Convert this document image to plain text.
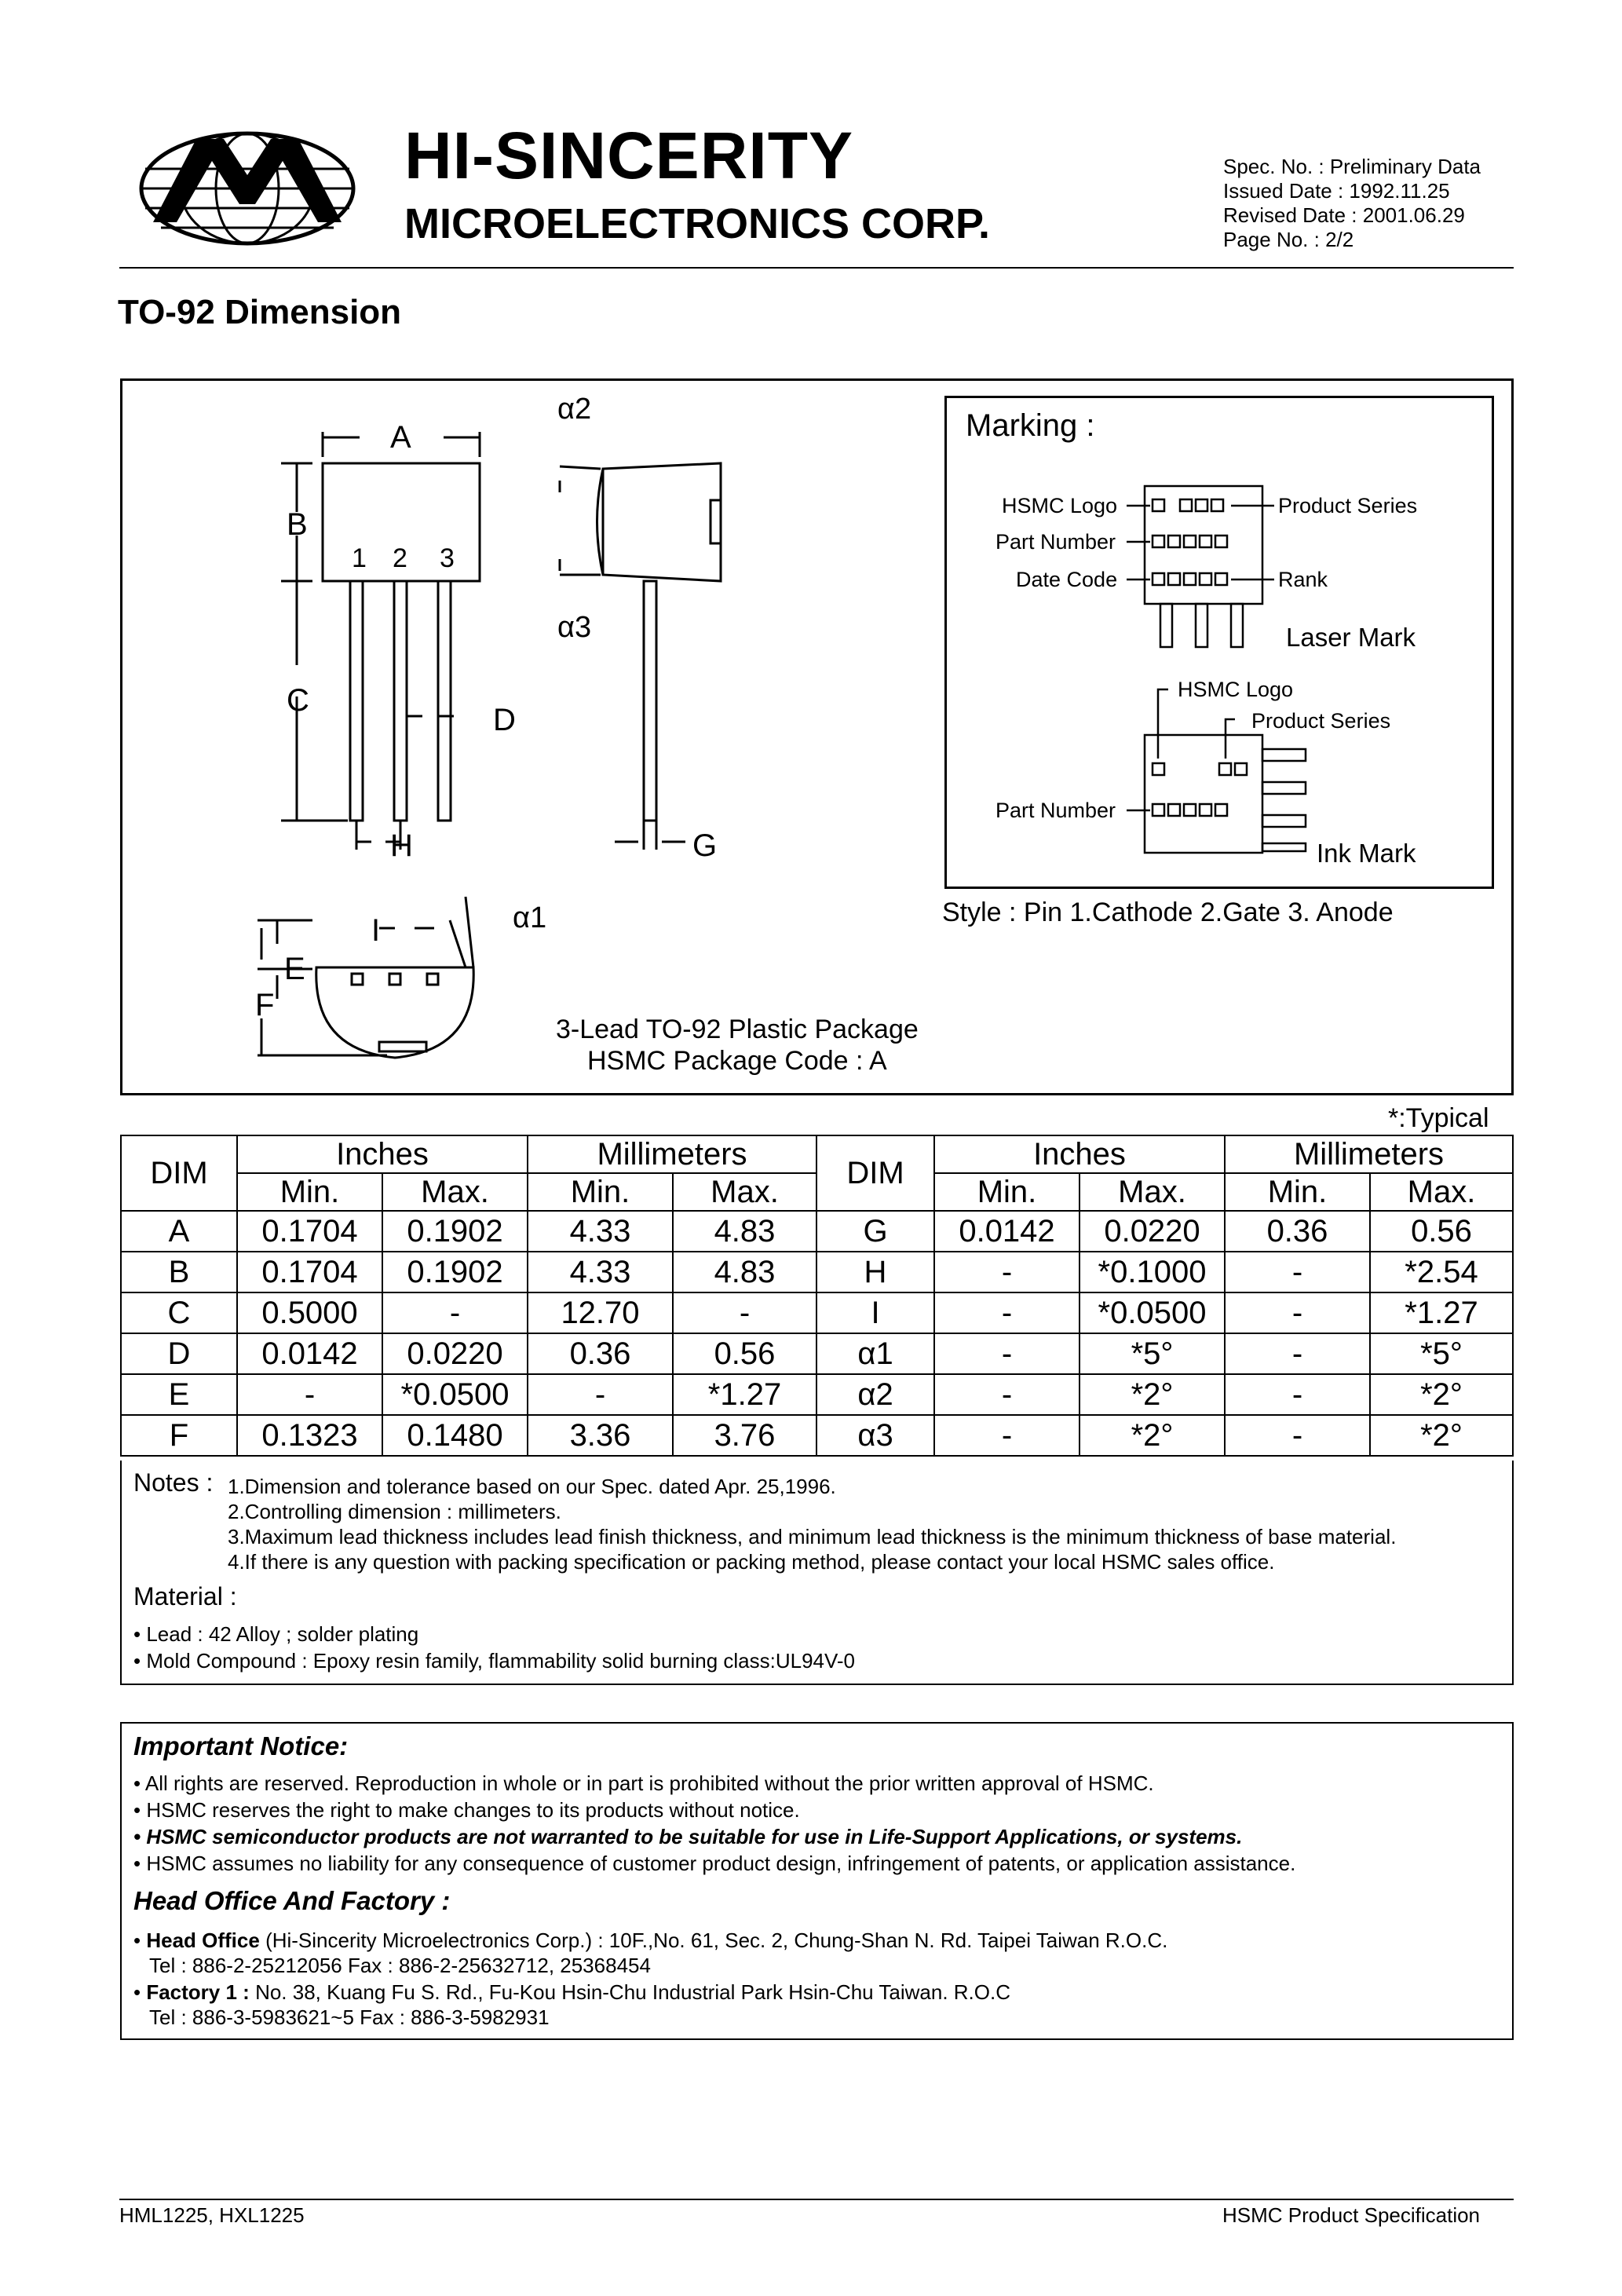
HI-SINCERITY
MICROELECTRONICS CORP.
Spec. No. : Preliminary Data
Issued Date : 1992.11.25
Revised Date : 2001.06.29
Page No. : 2/2
TO-92 Dimension
A
B
C
D
H	G
1 2 3
α2
α3
I	α1
E
F
3-Lead TO-92 Plastic Package
HSMC Package Code : A
Marking :
HSMC Logo
Part Number
Date Code
Product Series
Rank
Laser Mark
HSMC Logo
Product Series
Part Number
Ink Mark
Style : Pin 1.Cathode 2.Gate 3. Anode
*:Typical
DIM	Inches		Millimeters		DIM	Inches		Millimeters	
	Min.	Max.	Min.	Max.		Min.	Max.	Min.	Max.
A	0.1704	0.1902	4.33	4.83	G	0.0142	0.0220	0.36	0.56
B	0.1704	0.1902	4.33	4.83	H	-	*0.1000	-	*2.54
C	0.5000	-	12.70	-	I	-	*0.0500	-	*1.27
D	0.0142	0.0220	0.36	0.56	α1	-	*5°	-	*5°
E	-	*0.0500	-	*1.27	α2	-	*2°	-	*2°
F	0.1323	0.1480	3.36	3.76	α3	-	*2°	-	*2°
Notes : 1.Dimension and tolerance based on our Spec. dated Apr. 25,1996.
2.Controlling dimension : millimeters.
3.Maximum lead thickness includes lead finish thickness, and minimum lead thickness is the minimum thickness of base material.
4.If there is any question with packing specification or packing method, please contact your local HSMC sales office.
Material :
• Lead : 42 Alloy ; solder plating
• Mold Compound : Epoxy resin family, flammability solid burning class:UL94V-0
Important Notice:
• All rights are reserved. Reproduction in whole or in part is prohibited without the prior written approval of HSMC.
• HSMC reserves the right to make changes to its products without notice.
• HSMC semiconductor products are not warranted to be suitable for use in Life-Support Applications, or systems.
• HSMC assumes no liability for any consequence of customer product design, infringement of patents, or application assistance.
Head Office And Factory :
• Head Office (Hi-Sincerity Microelectronics Corp.) : 10F.,No. 61, Sec. 2, Chung-Shan N. Rd. Taipei Taiwan R.O.C.
Tel : 886-2-25212056 Fax : 886-2-25632712, 25368454
• Factory 1 : No. 38, Kuang Fu S. Rd., Fu-Kou Hsin-Chu Industrial Park Hsin-Chu Taiwan. R.O.C
Tel : 886-3-5983621~5 Fax : 886-3-5982931
HML1225, HXL1225	HSMC Product Specification
